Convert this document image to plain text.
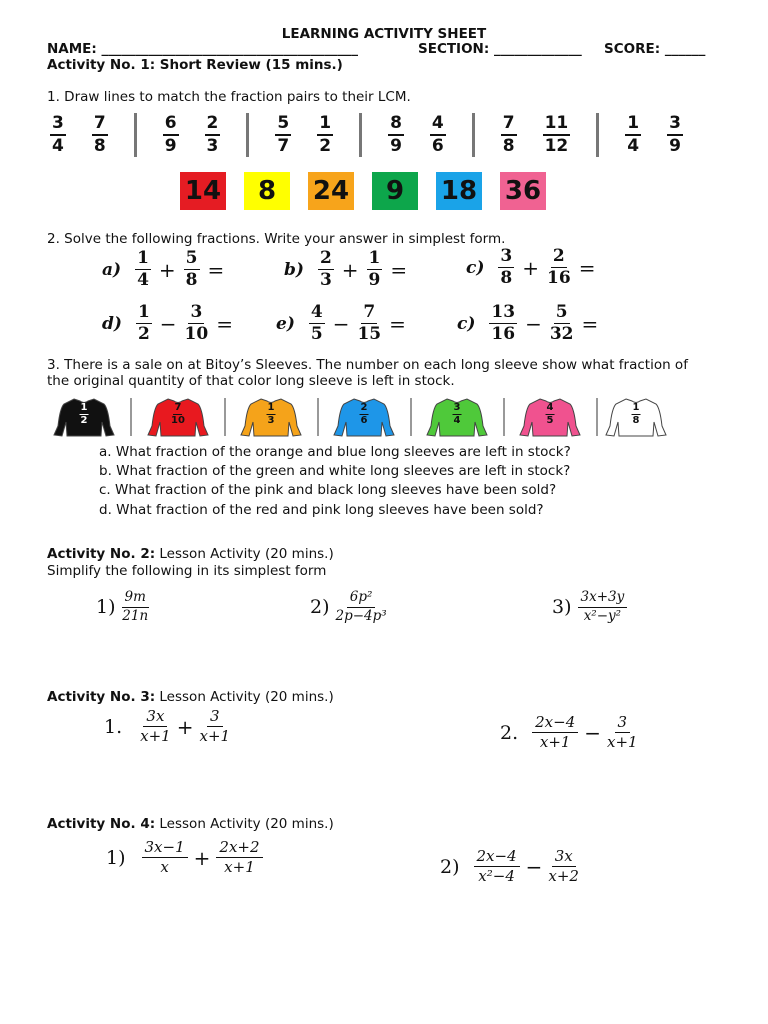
LEARNING ACTIVITY SHEET
NAME: ______________________________________	SECTION: _____________ SCORE: ______
Activity No. 1: Short Review (15 mins.)
1. Draw lines to match the fraction pairs to their LCM.
$\frac{3}{4} \frac{7}{8}$	$\frac{6}{9} \frac{2}{3}$	$\frac{5}{7} \frac{1}{2}$	$\frac{8}{9} \frac{4}{6}$	$\frac{7}{8} \frac{11}{12}$	$\frac{1}{4} \frac{3}{9}$
14	8	24	9	18 36
2. Solve the following fractions. Write your answer in simplest form.
$a) \frac{1}{4} + \frac{5}{8}$ =	$b) \frac{2}{3} + \frac{1}{9}$ =	$c) \frac{3}{8} + \frac{2}{16}$ =
$d) \frac{1}{2} - \frac{3}{10}$ =	$e) \frac{4}{5} - \frac{7}{15}$ =	$c) \frac{13}{16} - \frac{5}{32}$ =
3. There is a sale on at Bitoy’s Sleeves. The number on each long sleeve show what fraction of
the original quantity of that color long sleeve is left in stock.
$\frac{1}{2}$	$\frac{7}{10}$	$\frac{1}{3}$	$\frac{2}{6}$	$\frac{3}{4}$	$\frac{4}{5}$	$\frac{1}{8}$
a. What fraction of the orange and blue long sleeves are left in stock?
b. What fraction of the green and white long sleeves are left in stock?
c. What fraction of the pink and black long sleeves have been sold?
d. What fraction of the red and pink long sleeves have been sold?
Activity No. 2: Lesson Activity (20 mins.)
Simplify the following in its simplest form
$1) \frac{9m}{21n}$	$2) \frac{\text{6p²}}{\text{2p−4p³}}$	$3) \frac{3x+3y}{\text{x²−y²}}$
Activity No. 3: Lesson Activity (20 mins.)
1. $\frac{3x}{x+1} + \frac{3}{x+1}$	2. $\frac{2x-4}{x+1} - \frac{3}{x+1}$
Activity No. 4: Lesson Activity (20 mins.)
$1) \frac{3x-1}{x} + \frac{2x+2}{x+1}$	$2) \frac{2x-4}{\text{x²−4}} - \frac{3x}{x+2}$
